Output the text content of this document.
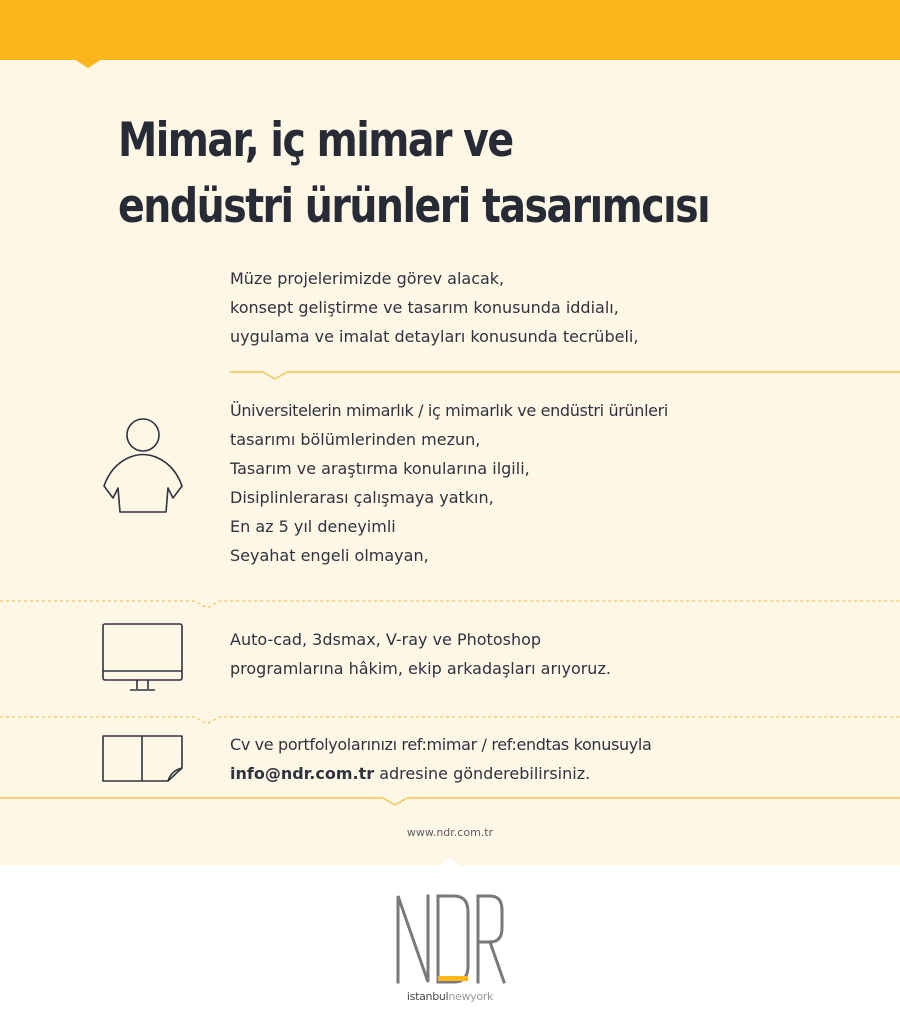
Mimar, iç mimar ve
endüstri ürünleri tasarımcısı
Müze projelerimizde görev alacak,
konsept geliştirme ve tasarım konusunda iddialı,
uygulama ve imalat detayları konusunda tecrübeli,
Üniversitelerin mimarlık / iç mimarlık ve endüstri ürünleri
tasarımı bölümlerinden mezun,
Tasarım ve araştırma konularına ilgili,
Disiplinlerarası çalışmaya yatkın,
En az 5 yıl deneyimli
Seyahat engeli olmayan,
Auto-cad, 3dsmax, V-ray ve Photoshop
programlarına hâkim, ekip arkadaşları arıyoruz.
Cv ve portfolyolarınızı ref:mimar / ref:endtas konusuyla
info@ndr.com.tr adresine gönderebilirsiniz.
www.ndr.com.tr
istanbulnewyork
